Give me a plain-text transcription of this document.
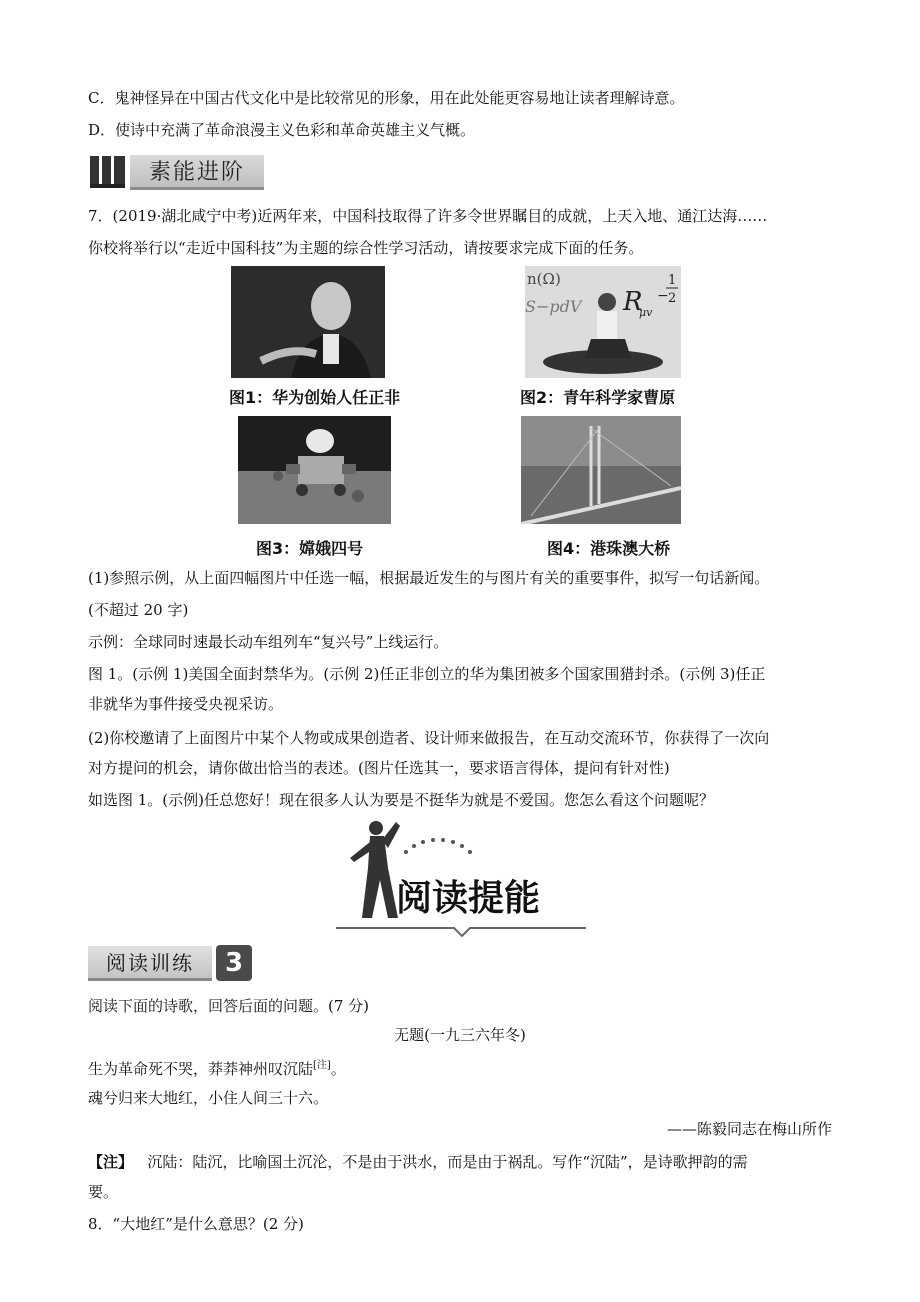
C．鬼神怪异在中国古代文化中是比较常见的形象，用在此处能更容易地让读者理解诗意。
D．使诗中充满了革命浪漫主义色彩和革命英雄主义气概。
素能进阶
7．(2019·湖北咸宁中考)近两年来，中国科技取得了许多令世界瞩目的成就，上天入地、通江达海……
你校将举行以“走近中国科技”为主题的综合性学习活动，请按要求完成下面的任务。
图1：华为创始人任正非
n(Ω)
S−pdV R
μv
−
1
2
图2：青年科学家曹原
图3：嫦娥四号	图4：港珠澳大桥
(1)参照示例，从上面四幅图片中任选一幅，根据最近发生的与图片有关的重要事件，拟写一句话新闻。
(不超过 20 字)
示例：全球同时速最长动车组列车“复兴号”上线运行。
图 1。(示例 1)美国全面封禁华为。(示例 2)任正非创立的华为集团被多个国家围猎封杀。(示例 3)任正
非就华为事件接受央视采访。
(2)你校邀请了上面图片中某个人物或成果创造者、设计师来做报告，在互动交流环节，你获得了一次向
对方提问的机会，请你做出恰当的表述。(图片任选其一，要求语言得体，提问有针对性)
如选图 1。(示例)任总您好！现在很多人认为要是不挺华为就是不爱国。您怎么看这个问题呢？
阅读提能
阅读训练	3
阅读下面的诗歌，回答后面的问题。(7 分)
无题(一九三六年冬)
生为革命死不哭，莽莽神州叹沉陆[注]。
魂兮归来大地红，小住人间三十六。
——陈毅同志在梅山所作
【注】 沉陆：陆沉，比喻国土沉沦，不是由于洪水，而是由于祸乱。写作“沉陆”，是诗歌押韵的需
要。
8．“大地红”是什么意思？(2 分)
